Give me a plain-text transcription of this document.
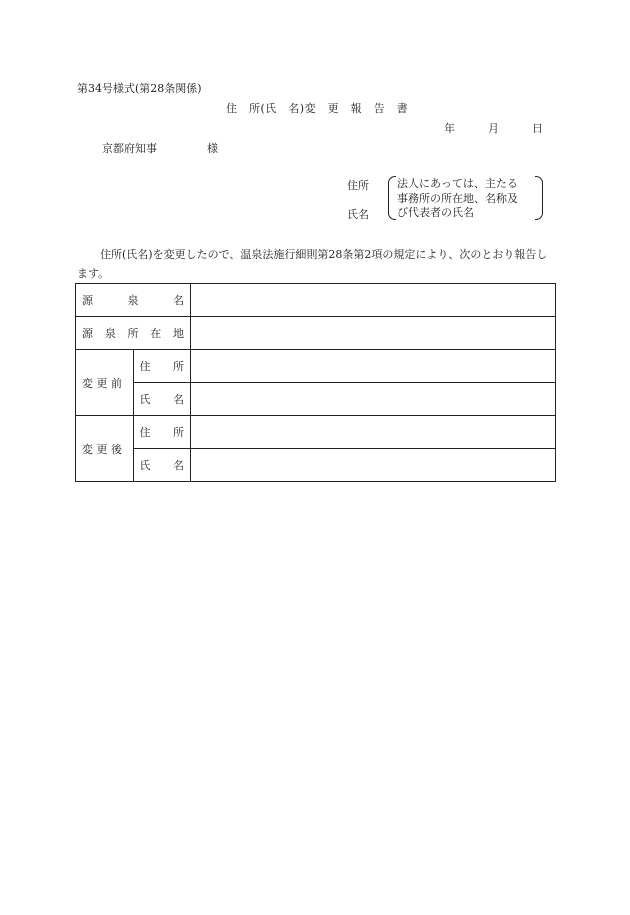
第34号様式(第28条関係)
住　所(氏　名)変　更　報　告　書
年	月	日
京都府知事	様
住所
氏名
法人にあっては、主たる
事務所の所在地、名称及
び代表者の氏名
住所(氏名)を変更したので、温泉法施行細則第28条第2項の規定により、次のとおり報告します。
源 泉 名		

源 泉 所 在 地		

変 更 前	住 所	

	氏 名	

変 更 後	住 所	

	氏 名	
